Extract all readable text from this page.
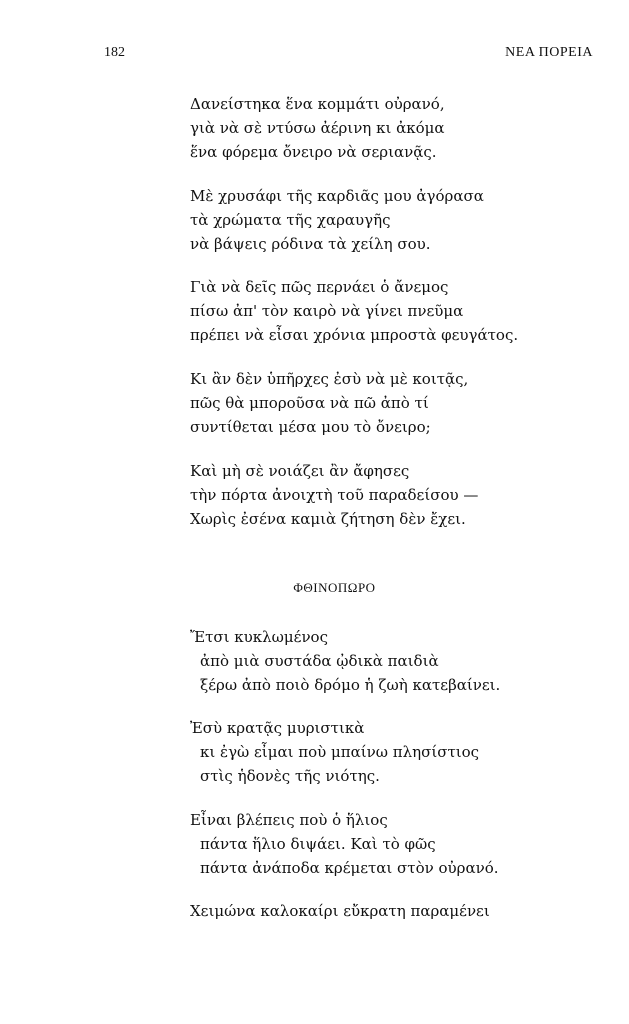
182	ΝΕΑ ΠΟΡΕΙΑ
Δανείστηκα ἕνα κομμάτι οὐρανό,
γιὰ νὰ σὲ ντύσω ἀέρινη κι ἀκόμα
ἕνα φόρεμα ὄνειρο νὰ σεριανᾷς.
Μὲ χρυσάφι τῆς καρδιᾶς μου ἀγόρασα
τὰ χρώματα τῆς χαραυγῆς
νὰ βάψεις ρόδινα τὰ χείλη σου.
Γιὰ νὰ δεῖς πῶς περνάει ὁ ἄνεμος
πίσω ἀπ' τὸν καιρὸ νὰ γίνει πνεῦμα
πρέπει νὰ εἶσαι χρόνια μπροστὰ φευγάτος.
Κι ἂν δὲν ὑπῆρχες ἐσὺ νὰ μὲ κοιτᾷς,
πῶς θὰ μποροῦσα νὰ πῶ ἀπὸ τί
συντίθεται μέσα μου τὸ ὄνειρο;
Καὶ μὴ σὲ νοιάζει ἂν ἄφησες
τὴν πόρτα ἀνοιχτὴ τοῦ παραδείσου —
Χωρὶς ἐσένα καμιὰ ζήτηση δὲν ἔχει.
ΦΘΙΝΟΠΩΡΟ
Ἔτσι κυκλωμένος
ἀπὸ μιὰ συστάδα ᾠδικὰ παιδιὰ
ξέρω ἀπὸ ποιὸ δρόμο ἡ ζωὴ κατεβαίνει.
Ἐσὺ κρατᾷς μυριστικὰ
κι ἐγὼ εἶμαι ποὺ μπαίνω πλησίστιος
στὶς ἡδονὲς τῆς νιότης.
Εἶναι βλέπεις ποὺ ὁ ἥλιος
πάντα ἥλιο διψάει. Καὶ τὸ φῶς
πάντα ἀνάποδα κρέμεται στὸν οὐρανό.
Χειμώνα καλοκαίρι εὔκρατη παραμένει
